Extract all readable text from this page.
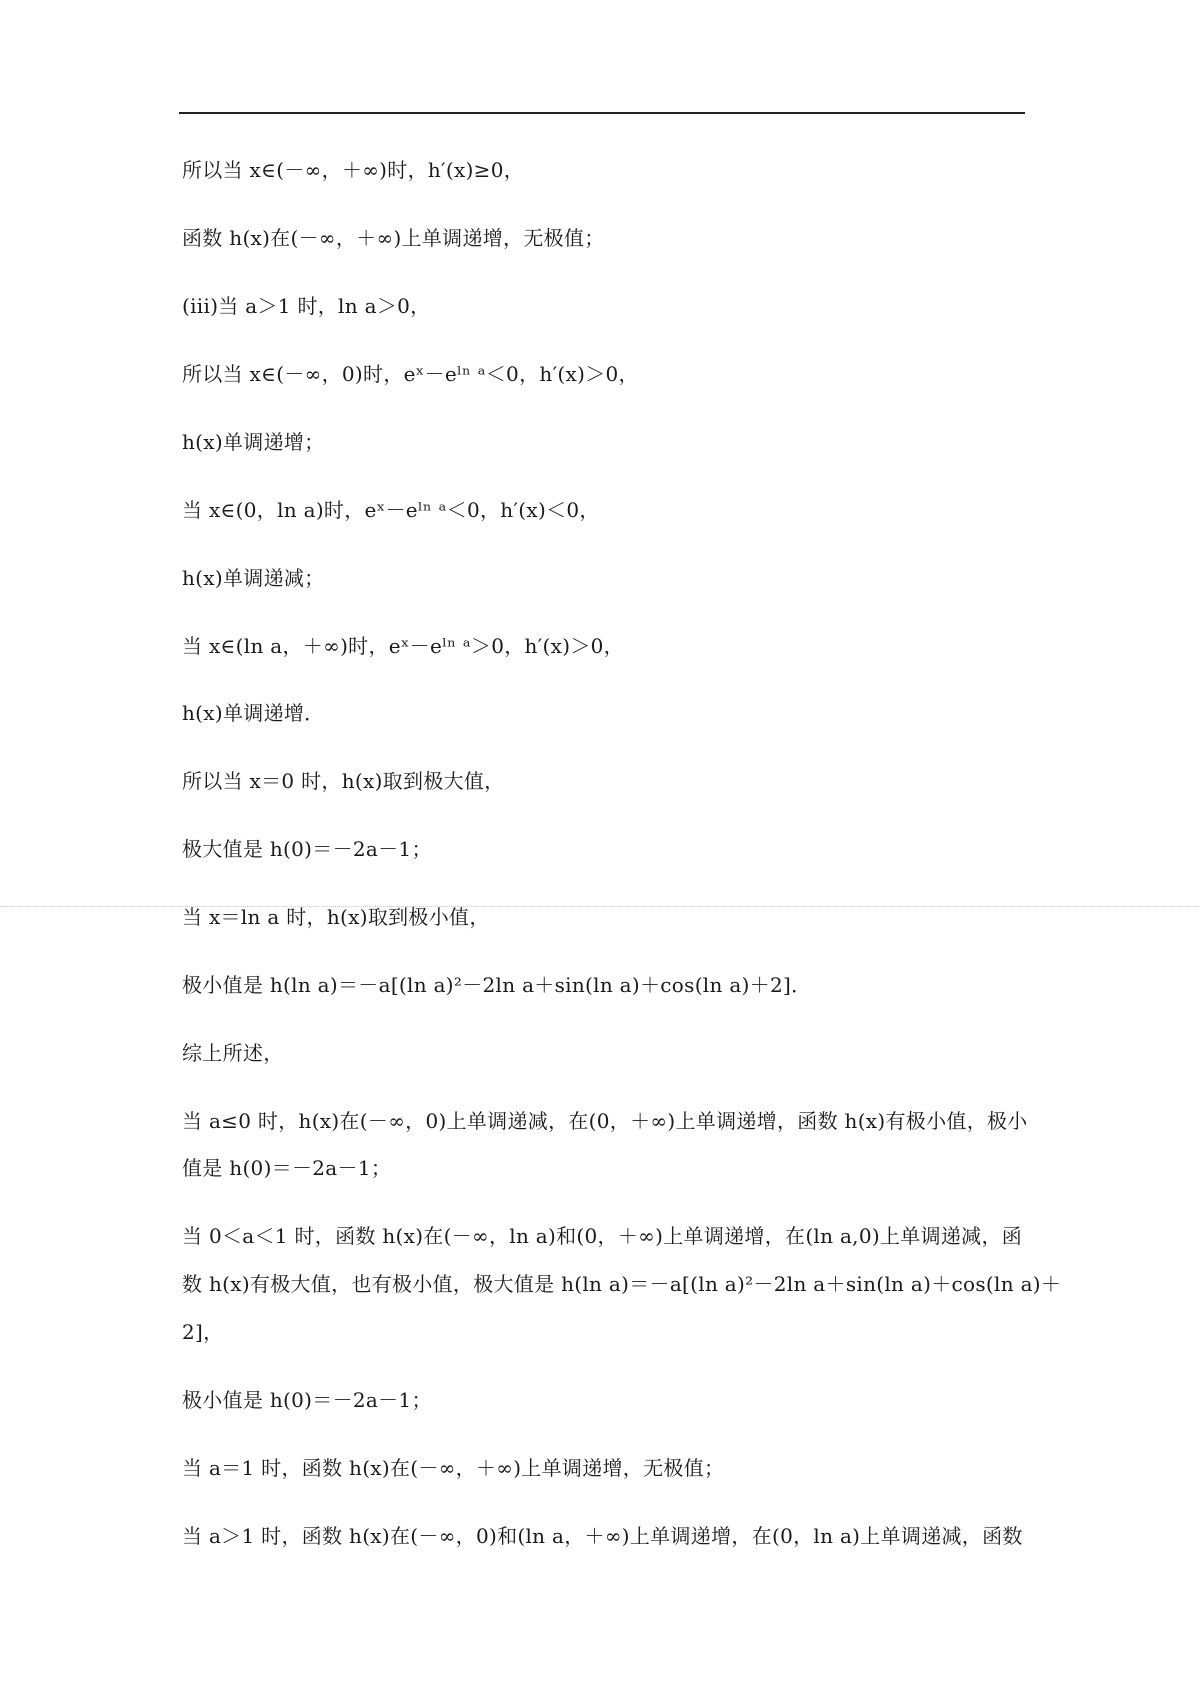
所以当 x∈(－∞，＋∞)时，h′(x)≥0，
函数 h(x)在(－∞，＋∞)上单调递增，无极值；
(iii)当 a＞1 时，ln a＞0，
所以当 x∈(－∞，0)时，eˣ－eˡⁿ ᵃ＜0，h′(x)＞0，
h(x)单调递增；
当 x∈(0，ln a)时，eˣ－eˡⁿ ᵃ＜0，h′(x)＜0，
h(x)单调递减；
当 x∈(ln a，＋∞)时，eˣ－eˡⁿ ᵃ＞0，h′(x)＞0，
h(x)单调递增．
所以当 x＝0 时，h(x)取到极大值，
极大值是 h(0)＝－2a－1；
当 x＝ln a 时，h(x)取到极小值，
极小值是 h(ln a)＝－a[(ln a)²－2ln a＋sin(ln a)＋cos(ln a)＋2]．
综上所述，
当 a≤0 时，h(x)在(－∞，0)上单调递减，在(0，＋∞)上单调递增，函数 h(x)有极小值，极小
值是 h(0)＝－2a－1；
当 0＜a＜1 时，函数 h(x)在(－∞，ln a)和(0，＋∞)上单调递增，在(ln a,0)上单调递减，函
数 h(x)有极大值，也有极小值，极大值是 h(ln a)＝－a[(ln a)²－2ln a＋sin(ln a)＋cos(ln a)＋
2]，
极小值是 h(0)＝－2a－1；
当 a＝1 时，函数 h(x)在(－∞，＋∞)上单调递增，无极值；
当 a＞1 时，函数 h(x)在(－∞，0)和(ln a，＋∞)上单调递增，在(0，ln a)上单调递减，函数
